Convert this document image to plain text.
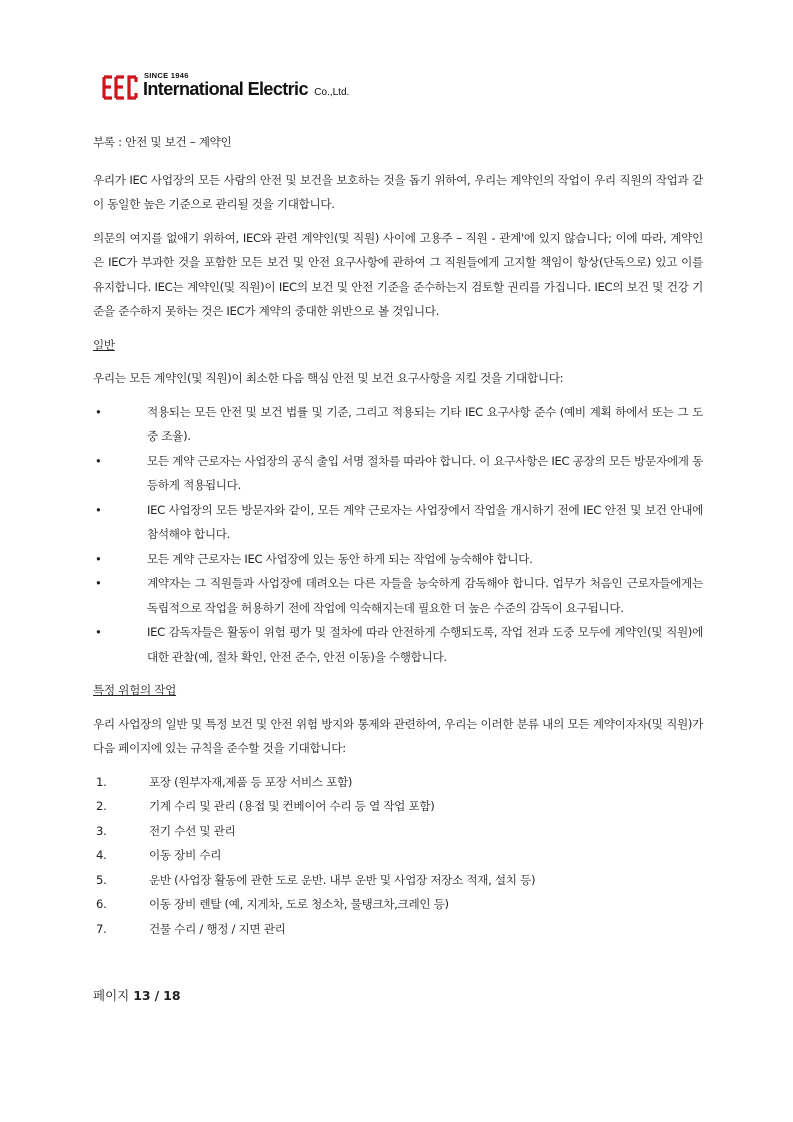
SINCE 1946
International Electric Co.,Ltd.

부록 : 안전 및 보건 – 계약인

우리가 IEC 사업장의 모든 사람의 안전 및 보건을 보호하는 것을 돕기 위하여, 우리는 계약인의 작업이 우리 직원의 작업과 같이 동일한 높은 기준으로 관리될 것을 기대합니다.

의문의 여지를 없애기 위하여, IEC와 관련 계약인(및 직원) 사이에 고용주 – 직원 - 관계'에 있지 않습니다; 이에 따라, 계약인은 IEC가 부과한 것을 포함한 모든 보건 및 안전 요구사항에 관하여 그 직원들에게 고지할 책임이 항상(단독으로) 있고 이를 유지합니다. IEC는 계약인(및 직원)이 IEC의 보건 및 안전 기준을 준수하는지 검토할 권리를 가집니다. IEC의 보건 및 건강 기준을 준수하지 못하는 것은 IEC가 계약의 중대한 위반으로 볼 것입니다.

일반

우리는 모든 계약인(및 직원)이 최소한 다음 핵심 안전 및 보건 요구사항을 지킬 것을 기대합니다:

•	적용되는 모든 안전 및 보건 법률 및 기준, 그리고 적용되는 기타 IEC 요구사항 준수 (예비 계획 하에서 또는 그 도중 조율).
•	모든 계약 근로자는 사업장의 공식 출입 서명 절차를 따라야 합니다. 이 요구사항은 IEC 공장의 모든 방문자에게 동등하게 적용됩니다.
•	IEC 사업장의 모든 방문자와 같이, 모든 계약 근로자는 사업장에서 작업을 개시하기 전에 IEC 안전 및 보건 안내에 참석해야 합니다.
•	모든 계약 근로자는 IEC 사업장에 있는 동안 하게 되는 작업에 능숙해야 합니다.
•	계약자는 그 직원들과 사업장에 데려오는 다른 자들을 능숙하게 감독해야 합니다. 업무가 처음인 근로자들에게는 독립적으로 작업을 허용하기 전에 작업에 익숙해지는데 필요한 더 높은 수준의 감독이 요구됩니다.
•	IEC 감독자들은 활동이 위험 평가 및 절차에 따라 안전하게 수행되도록, 작업 전과 도중 모두에 계약인(및 직원)에 대한 관찰(예, 절차 확인, 안전 준수, 안전 이동)을 수행합니다.

특정 위험의 작업

우리 사업장의 일반 및 특정 보건 및 안전 위험 방지와 통제와 관련하여, 우리는 이러한 분류 내의 모든 계약이자자(및 직원)가 다음 페이지에 있는 규칙을 준수할 것을 기대합니다:

1.	포장 (원부자재,제품 등 포장 서비스 포함)
2.	기계 수리 및 관리 (용접 및 컨베이어 수리 등 열 작업 포함)
3.	전기 수선 및 관리
4.	이동 장비 수리
5.	운반 (사업장 활동에 관한 도로 운반. 내부 운반 및 사업장 저장소 적재, 설치 등)
6.	이동 장비 렌탈 (예, 지게차, 도로 청소차, 물탱크차,크레인 등)
7.	건물 수리 / 행정 / 지면 관리
페이지 13 / 18
